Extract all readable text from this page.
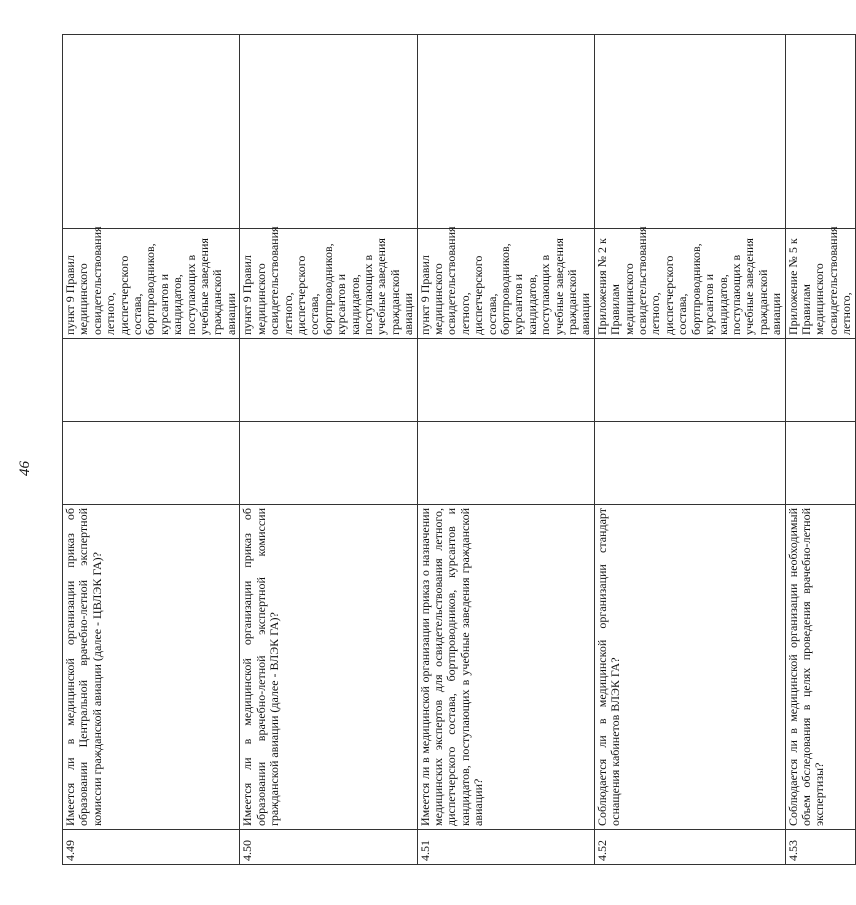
46
4.49	Имеется ли в медицинской организации приказ об образовании Центральной врачебно-летной экспертной комиссии гражданской авиации (далее - ЦВЛЭК ГА)?			пункт 9 Правил медицинского освидетельствования летного, диспетчерского состава, бортпроводников, курсантов и кандидатов, поступающих в учебные заведения гражданской авиации	
4.50	Имеется ли в медицинской организации приказ об образовании врачебно-летной экспертной комиссии гражданской авиации (далее - ВЛЭК ГА)?			пункт 9 Правил медицинского освидетельствования летного, диспетчерского состава, бортпроводников, курсантов и кандидатов, поступающих в учебные заведения гражданской авиации	
4.51	Имеется ли в медицинской организации приказ о назначении медицинских экспертов для освидетельствования летного, диспетчерского состава, бортпроводников, курсантов и кандидатов, поступающих в учебные заведения гражданской авиации?			пункт 9 Правил медицинского освидетельствования летного, диспетчерского состава, бортпроводников, курсантов и кандидатов, поступающих в учебные заведения гражданской авиации	
4.52	Соблюдается ли в медицинской организации стандарт оснащения кабинетов ВЛЭК ГА?			Приложения № 2 к Правилам медицинского освидетельствования летного, диспетчерского состава, бортпроводников, курсантов и кандидатов, поступающих в учебные заведения гражданской авиации	
4.53	Соблюдается ли в медицинской организации необходимый объем обследования в целях проведения врачебно-летной экспертизы?			Приложение № 5 к Правилам медицинского освидетельствования летного,	
